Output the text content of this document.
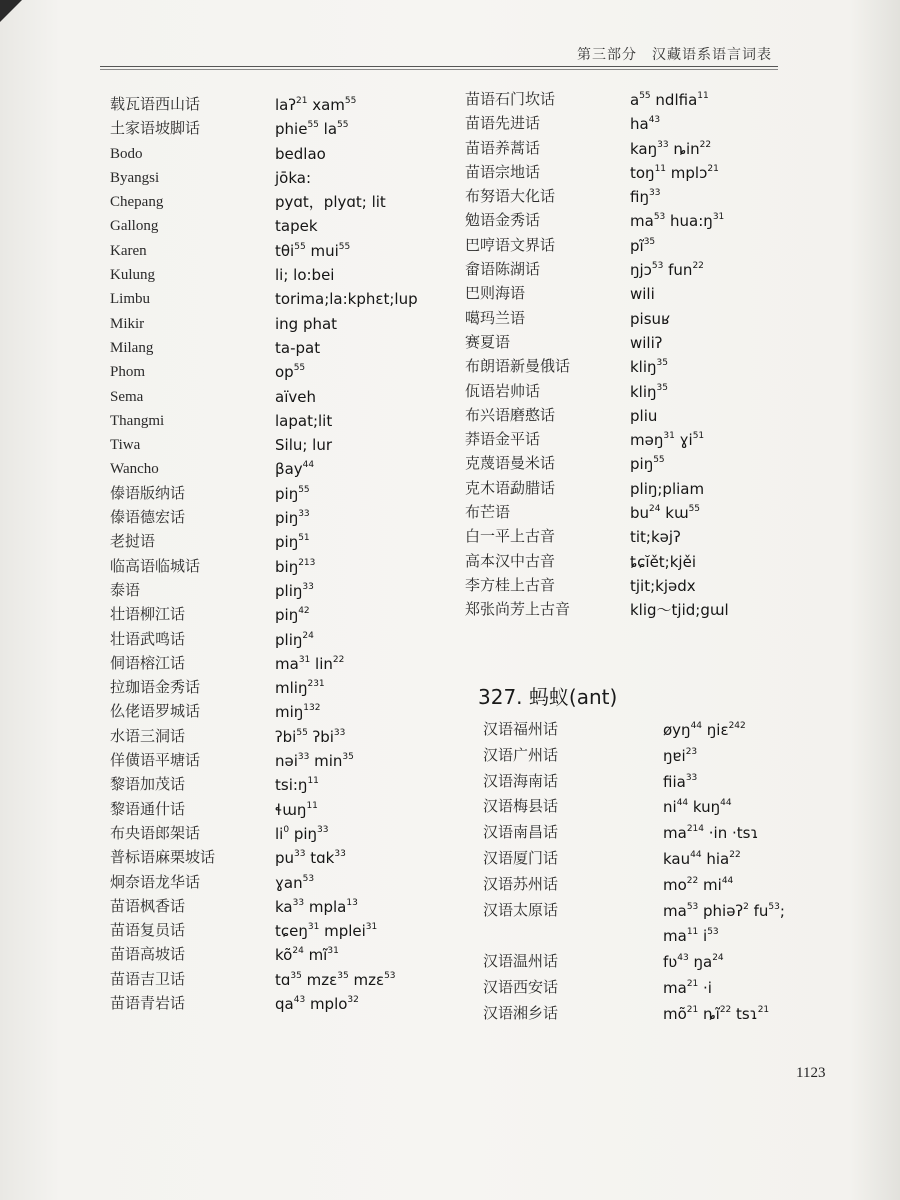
第三部分　汉藏语系语言词表
载瓦语西山话	laʔ$^{21}$ xam$^{55}$
土家语坡脚话	phie$^{55}$ $la^{55}$
Bodo	bedlao
Byangsi	jōka:
Chepang	pyɑt，plyɑt; lit
Gallong	tapek
Karen	tθi$^{55}$ mui$^{55}$
Kulung	li; lo:bei
Limbu	torima;la:kphɛt;lup
Mikir	ing phat
Milang	ta-pat
Phom	$op^{55}$
Sema	aïveh
Thangmi	lapat;lit
Tiwa	Silu; lur
Wancho	βay$^{44}$
傣语版纳话	piŋ$^{55}$
傣语德宏话	piŋ$^{33}$
老挝语	piŋ$^{51}$
临高语临城话	biŋ$^{213}$
泰语	pliŋ$^{33}$
壮语柳江话	piŋ$^{42}$
壮语武鸣话	pliŋ$^{24}$
侗语榕江话	$ma^{31}$ lin$^{22}$
拉珈语金秀话	mliŋ$^{231}$
仫佬语罗城话	miŋ$^{132}$
水语三洞话	ʔbi$^{55}$ ʔbi$^{33}$
佯僙语平塘话	nəi$^{33}$ $\min^{35}$
黎语加茂话	$tsi:ŋ^{11}$
黎语通什话	ɬɯŋ$^{11}$
布央语郎架话	$li^0$ piŋ$^{33}$
普标语麻栗坡话	$pu^{33}$ tɑk$^{33}$
炯奈语龙华话	ɣan$^{53}$
苗语枫香话	$ka^{33}$ mpla$^{13}$
苗语复员话	tɕeŋ$^{31}$ mplei$^{31}$
苗语高坡话	$kõ^{24}$ $mĩ^{31}$
苗语吉卫话	tɑ$^{35}$ mzɛ$^{35}$ mzɛ$^{53}$
苗语青岩话	$qa^{43}$ mplo$^{32}$
苗语石门坎话	$a^{55}$ ndlfia$^{11}$
苗语先进话	$ha^{43}$
苗语养蒿话	kaŋ$^{33}$ ȵin$^{22}$
苗语宗地话	toŋ$^{11}$ mplɔ$^{21}$
布努语大化话	fiŋ$^{33}$
勉语金秀话	$ma^{53}$ $hua:ŋ^{31}$
巴哼语文界话	$pĩ^{35}$
畲语陈湖话	ŋjɔ$^{53}$ fun$^{22}$
巴则海语	wili
噶玛兰语	pisuʁ
赛夏语	wiliʔ
布朗语新曼俄话	kliŋ$^{35}$
佤语岩帅话	kliŋ$^{35}$
布兴语磨憨话	pliu
莽语金平话	məŋ$^{31}$ ɣi$^{51}$
克蔑语曼米话	piŋ$^{55}$
克木语勐腊话	pliŋ;pliam
布芒语	$bu^{24}$ kɯ$^{55}$
白一平上古音	tit;kəjʔ
高本汉中古音	ȶɕĭět;kjěi
李方桂上古音	tjit;kjədx
郑张尚芳上古音	klig～tjid;gɯl
327. 蚂蚁(ant)
汉语福州话	øyŋ$^{44}$ ŋiɛ$^{242}$
汉语广州话	ŋɐi$^{23}$
汉语海南话	fiia$^{33}$
汉语梅县话	$ni^{44}$ kuŋ$^{44}$
汉语南昌话	$ma^{214} \cdot in$ ·tsɿ
汉语厦门话	kau$^{44}$ hia$^{22}$
汉语苏州话	$mo^{22}$ $mi^{44}$
汉语太原话	$ma^{53}$ phiəʔ$^2$ $fu^{53}$;
$ma^{11}$ $i^{53}$
汉语温州话	fʋ$^{43}$ $ŋa^{24}$
汉语西安话	$ma^{21} \cdot i$
汉语湘乡话	$mõ^{21}$ $ȵĩ^{22}$ tsɿ$^{21}$
1123
